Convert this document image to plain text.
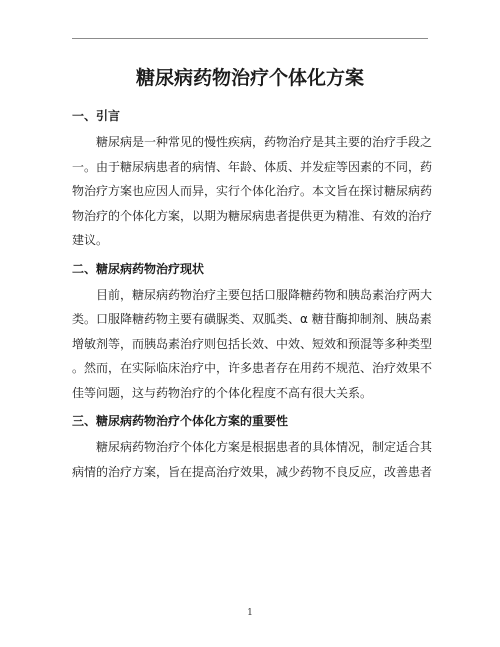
糖尿病药物治疗个体化方案
一、引言
糖尿病是一种常见的慢性疾病，药物治疗是其主要的治疗手段之
一。由于糖尿病患者的病情、年龄、体质、并发症等因素的不同，药
物治疗方案也应因人而异，实行个体化治疗。本文旨在探讨糖尿病药
物治疗的个体化方案，以期为糖尿病患者提供更为精准、有效的治疗
建议。
二、糖尿病药物治疗现状
目前，糖尿病药物治疗主要包括口服降糖药物和胰岛素治疗两大
类。口服降糖药物主要有磺脲类、双胍类、α 糖苷酶抑制剂、胰岛素
增敏剂等，而胰岛素治疗则包括长效、中效、短效和预混等多种类型
。然而，在实际临床治疗中，许多患者存在用药不规范、治疗效果不
佳等问题，这与药物治疗的个体化程度不高有很大关系。
三、糖尿病药物治疗个体化方案的重要性
糖尿病药物治疗个体化方案是根据患者的具体情况，制定适合其
病情的治疗方案，旨在提高治疗效果，减少药物不良反应，改善患者
1
